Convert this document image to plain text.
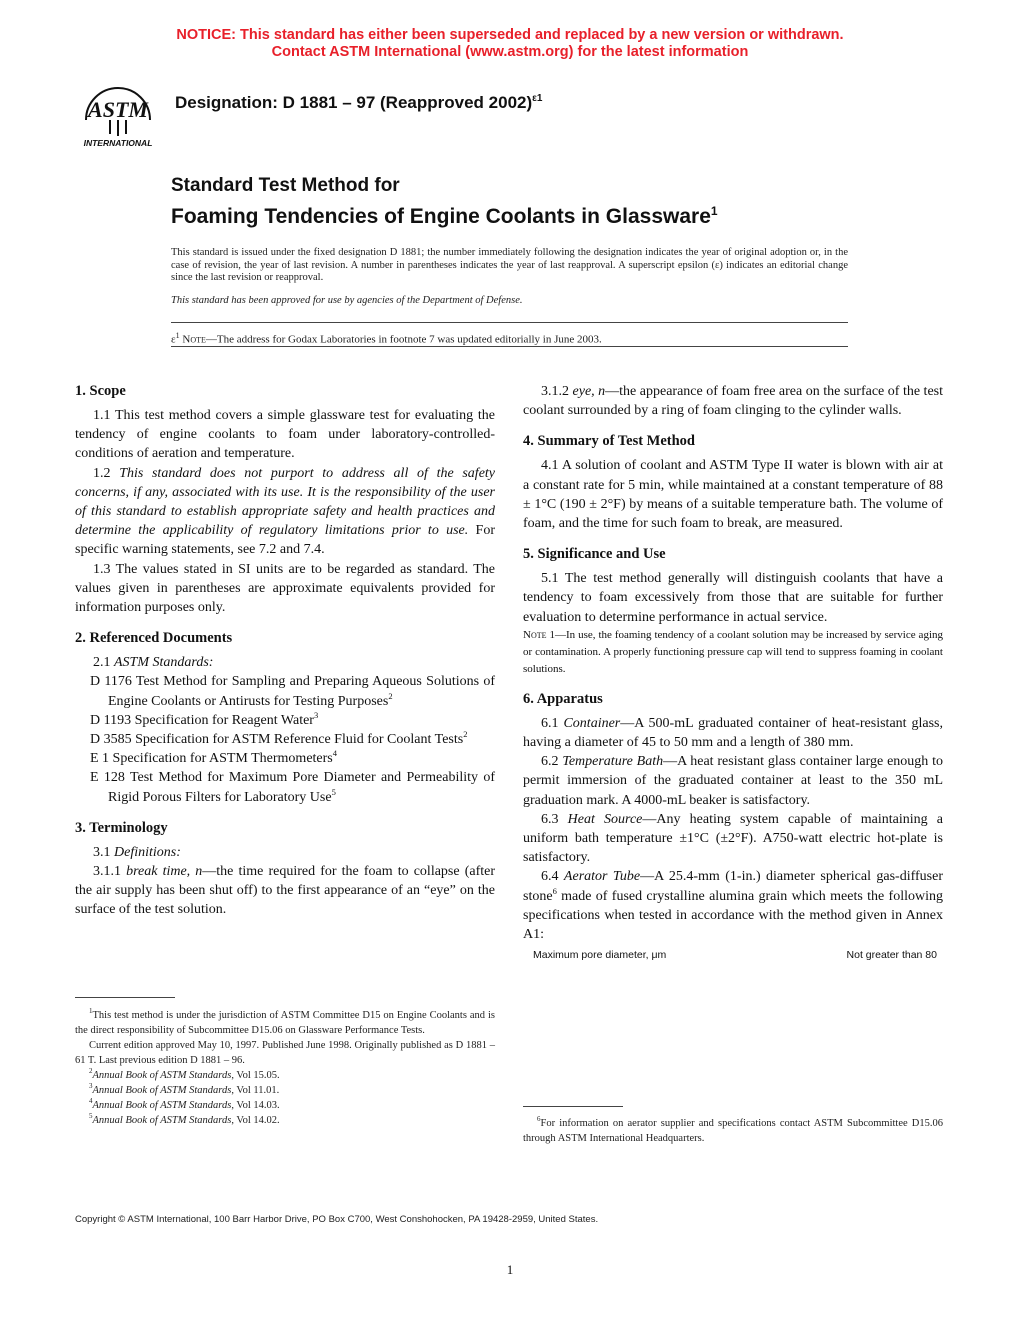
NOTICE: This standard has either been superseded and replaced by a new version or withdrawn.
Contact ASTM International (www.astm.org) for the latest information
ASTM
INTERNATIONAL
Designation: D 1881 – 97 (Reapproved 2002)$^{\varepsilon 1}$
Standard Test Method for
Foaming Tendencies of Engine Coolants in Glassware$^1$

This standard is issued under the fixed designation D 1881; the number immediately following the designation indicates the year of original adoption or, in the case of revision, the year of last revision. A number in parentheses indicates the year of last reapproval. A superscript epsilon (ε) indicates an editorial change since the last revision or reapproval.

This standard has been approved for use by agencies of the Department of Defense.

$\varepsilon^1$ Note—The address for Godax Laboratories in footnote 7 was updated editorially in June 2003.
1. Scope

1.1 This test method covers a simple glassware test for evaluating the tendency of engine coolants to foam under laboratory-controlled-conditions of aeration and temperature.

1.2 This standard does not purport to address all of the safety concerns, if any, associated with its use. It is the responsibility of the user of this standard to establish appropriate safety and health practices and determine the applicability of regulatory limitations prior to use. For specific warning statements, see 7.2 and 7.4.

1.3 The values stated in SI units are to be regarded as standard. The values given in parentheses are approximate equivalents provided for information purposes only.

2. Referenced Documents
2.1 ASTM Standards:
D 1176 Test Method for Sampling and Preparing Aqueous Solutions of Engine Coolants or Antirusts for Testing Purposes$^2$
D 1193 Specification for Reagent Water$^3$
D 3585 Specification for ASTM Reference Fluid for Coolant Tests$^2$
E 1 Specification for ASTM Thermometers$^4$
E 128 Test Method for Maximum Pore Diameter and Permeability of Rigid Porous Filters for Laboratory Use$^5$
3. Terminology

3.1 Definitions:

3.1.1 break time, n—the time required for the foam to collapse (after the air supply has been shut off) to the first appearance of an “eye” on the surface of the test solution.

3.1.2 eye, n—the appearance of foam free area on the surface of the test coolant surrounded by a ring of foam clinging to the cylinder walls.

4. Summary of Test Method

4.1 A solution of coolant and ASTM Type II water is blown with air at a constant rate for 5 min, while maintained at a constant temperature of 88 ± 1°C (190 ± 2°F) by means of a suitable temperature bath. The volume of foam, and the time for such foam to break, are measured.

5. Significance and Use

5.1 The test method generally will distinguish coolants that have a tendency to foam excessively from those that are suitable for further evaluation to determine performance in actual service.

Note 1—In use, the foaming tendency of a coolant solution may be increased by service aging or contamination. A properly functioning pressure cap will tend to suppress foaming in coolant solutions.

6. Apparatus

6.1 Container—A 500-mL graduated container of heat-resistant glass, having a diameter of 45 to 50 mm and a length of 380 mm.

6.2 Temperature Bath—A heat resistant glass container large enough to permit immersion of the graduated container at least to the 350 mL graduation mark. A 4000-mL beaker is satisfactory.

6.3 Heat Source—Any heating system capable of maintaining a uniform bath temperature ±1°C (±2°F). A750-watt electric hot-plate is satisfactory.

6.4 Aerator Tube—A 25.4-mm (1-in.) diameter spherical gas-diffuser stone$^6$ made of fused crystalline alumina grain which meets the following specifications when tested in accordance with the method given in Annex A1:

Maximum pore diameter, μm	Not greater than 80

$^1$This test method is under the jurisdiction of ASTM Committee D15 on Engine Coolants and is the direct responsibility of Subcommittee D15.06 on Glassware Performance Tests.

Current edition approved May 10, 1997. Published June 1998. Originally published as D 1881 – 61 T. Last previous edition D 1881 – 96.

$^2$Annual Book of ASTM Standards, Vol 15.05.

$^3$Annual Book of ASTM Standards, Vol 11.01.

$^4$Annual Book of ASTM Standards, Vol 14.03.

$^5$Annual Book of ASTM Standards, Vol 14.02.	$^6$For information on aerator supplier and specifications contact ASTM Subcommittee D15.06 through ASTM International Headquarters.

Copyright © ASTM International, 100 Barr Harbor Drive, PO Box C700, West Conshohocken, PA 19428-2959, United States.
1
